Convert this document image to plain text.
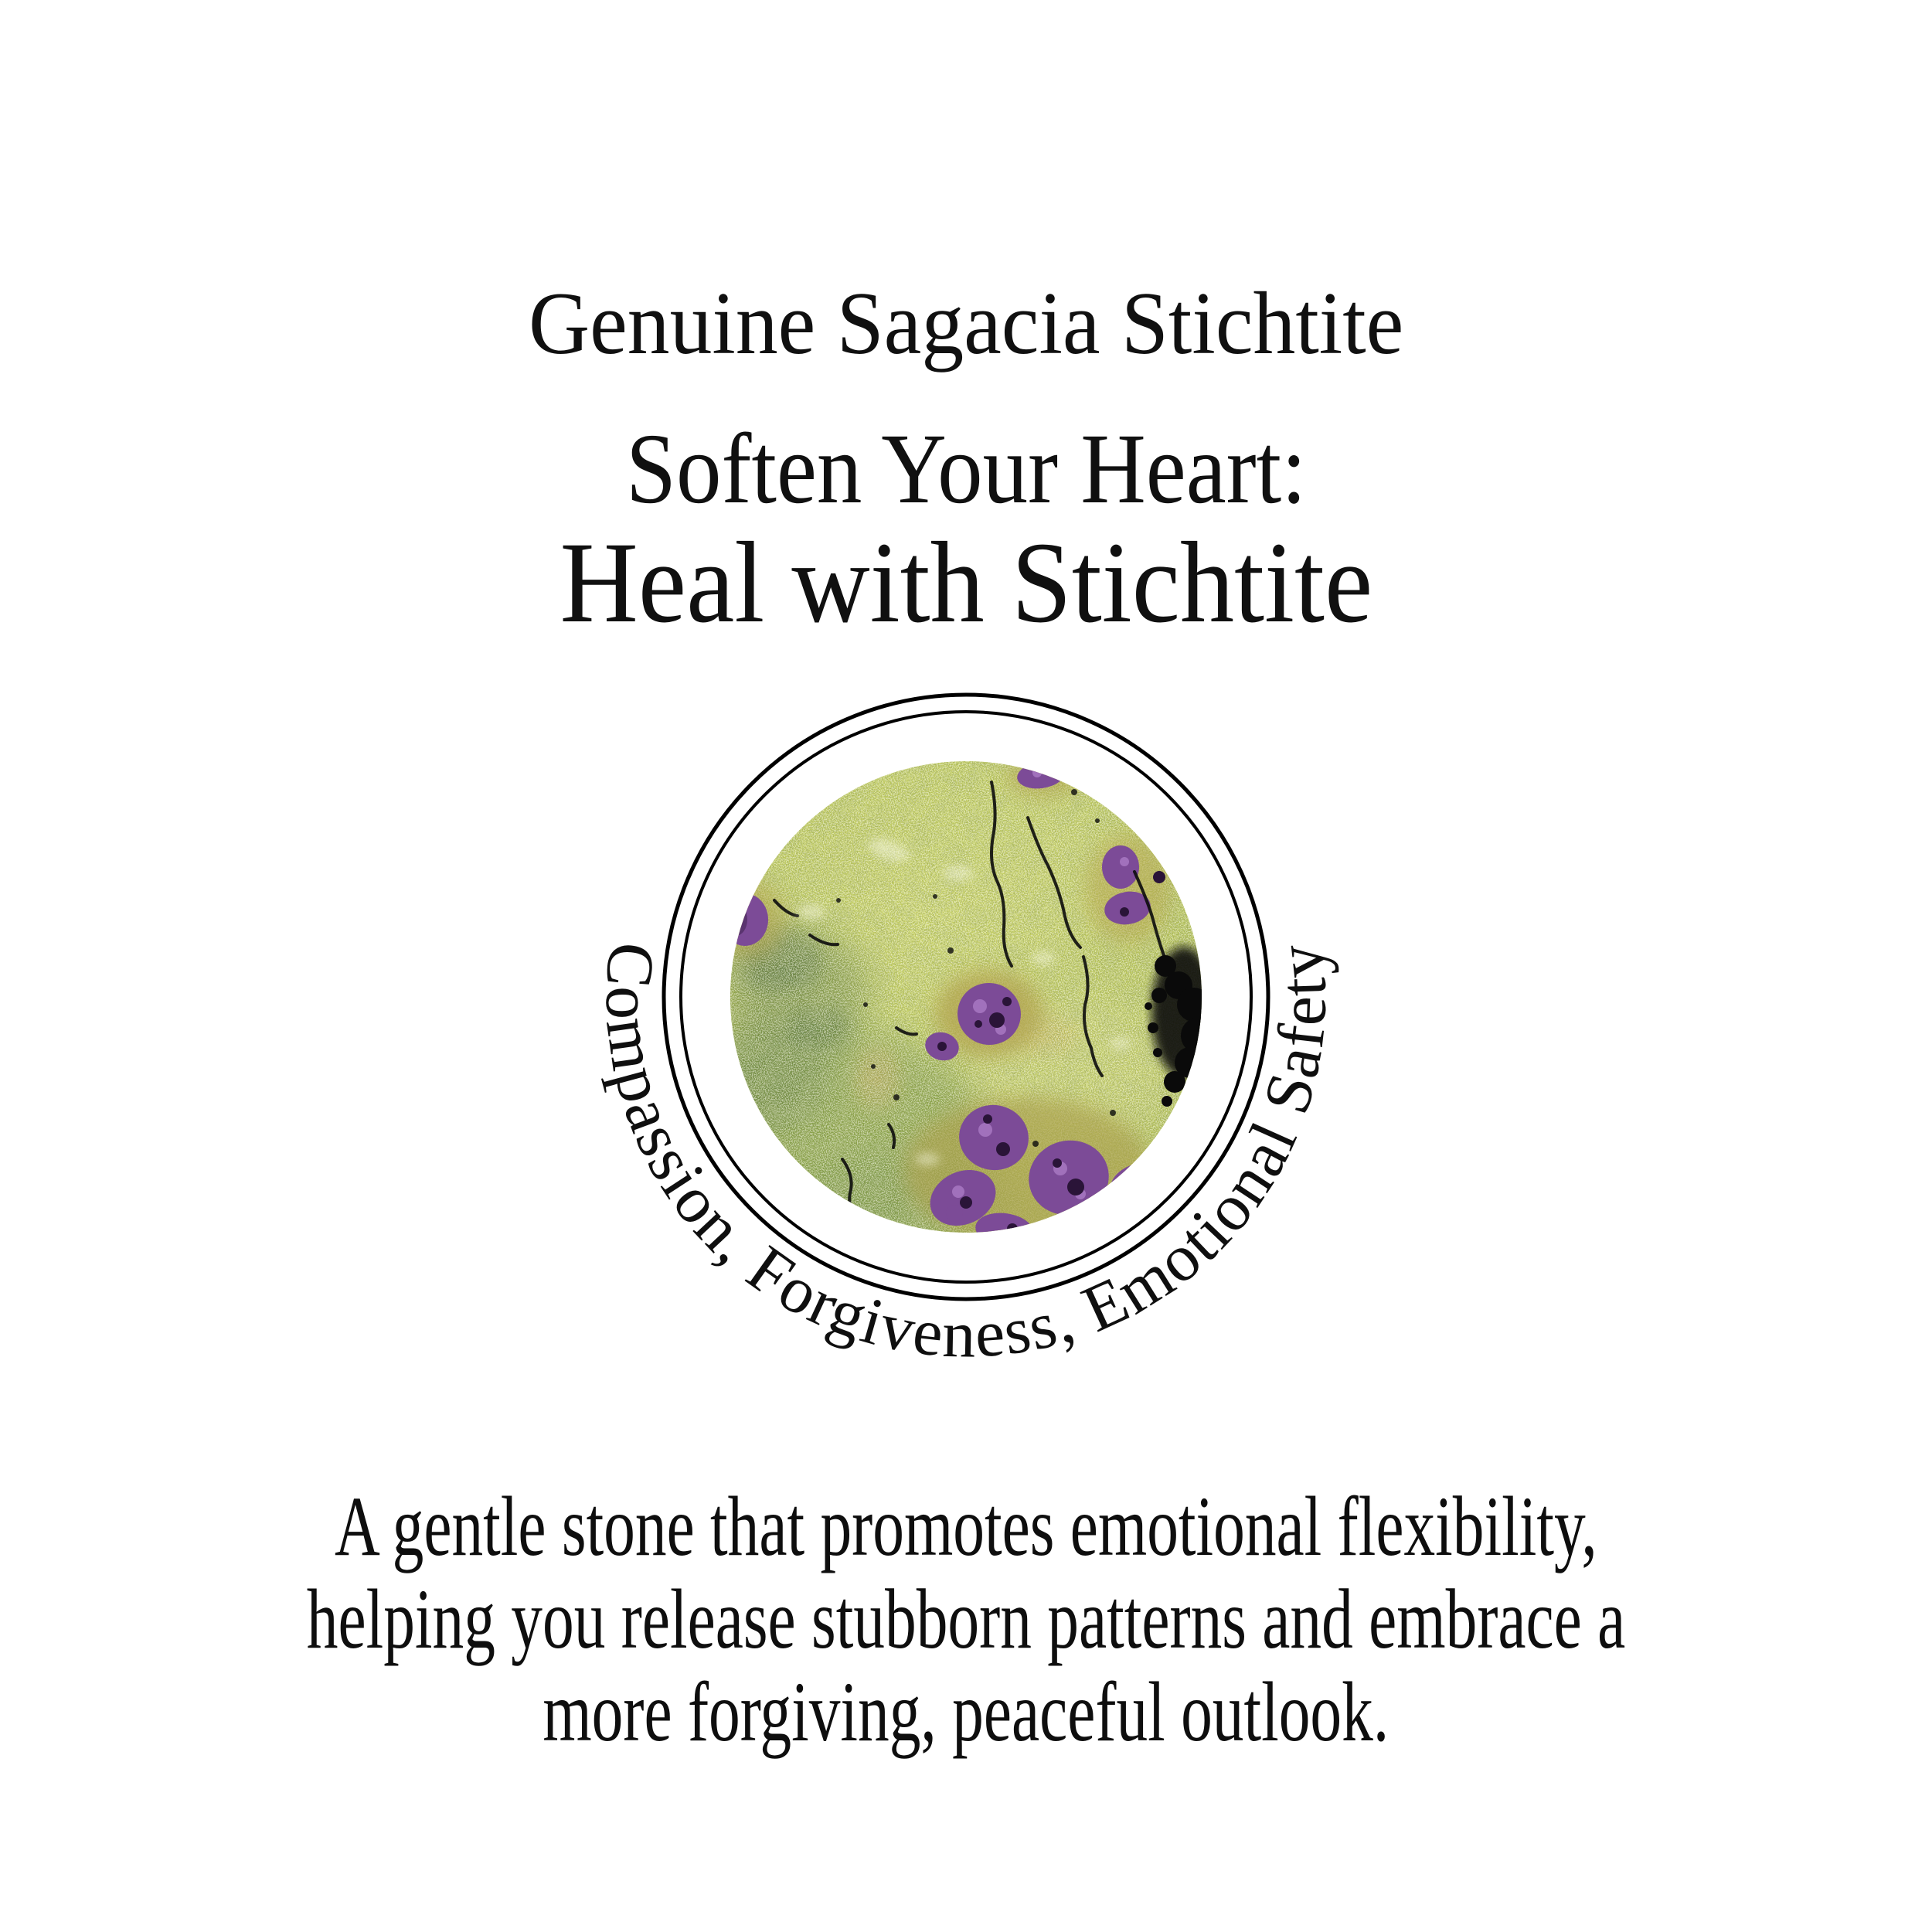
Genuine Sagacia Stichtite
Soften Your Heart:
Heal with Stichtite
Compassion, Forgiveness, Emotional Safety
A gentle stone that promotes emotional flexibility,
helping you release stubborn patterns and embrace a
more forgiving, peaceful outlook.
